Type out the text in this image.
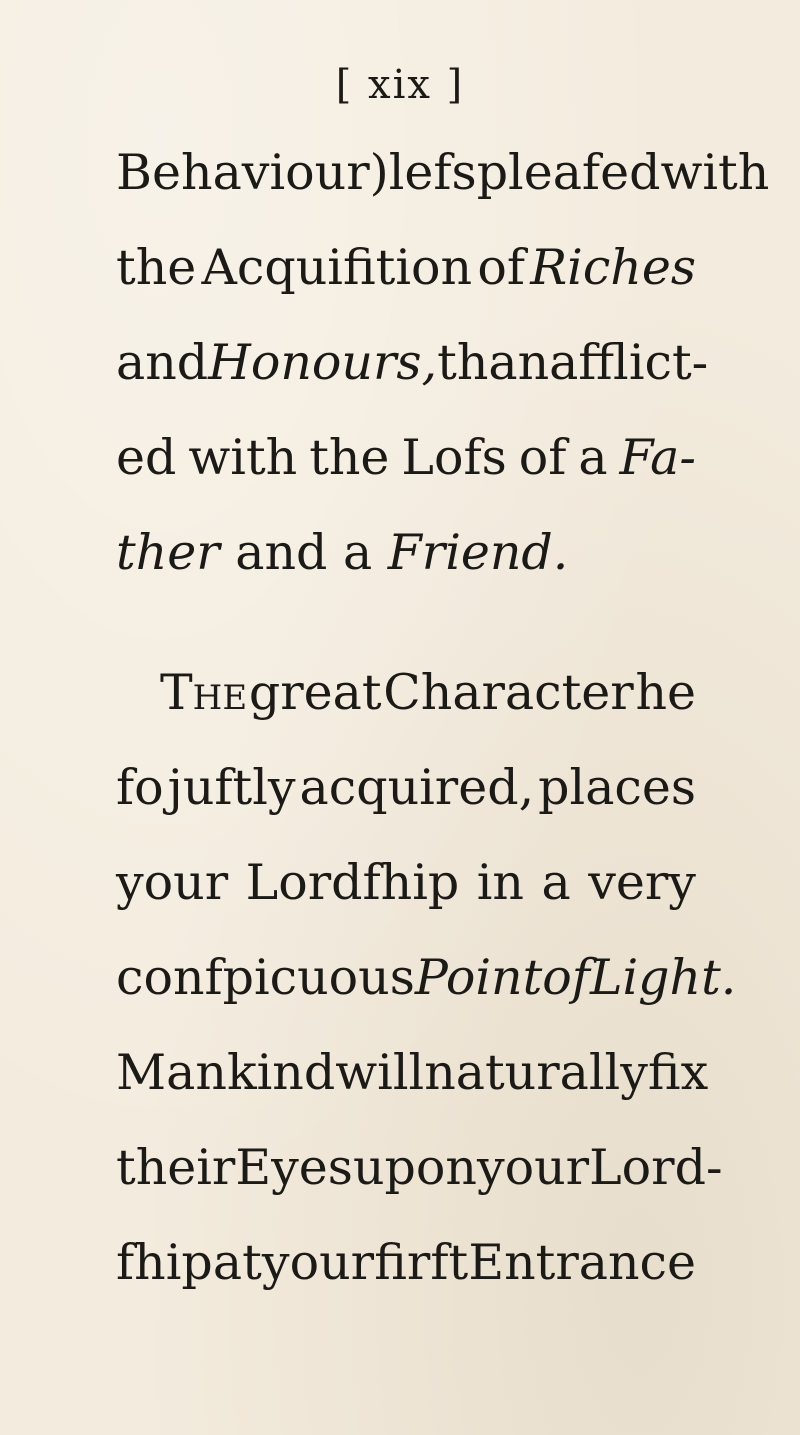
[ xix ]
Behaviour) lefs pleafed with
the Acquifition of Riches
and Honours, than afflict-
ed with the Lofs of a Fa-
ther and a Friend.
The great Character he
fo juftly acquired, places
your Lordfhip in a very
confpicuous Point of Light.
Mankind will naturally fix
their Eyes upon your Lord-
fhip at your firft Entrance
